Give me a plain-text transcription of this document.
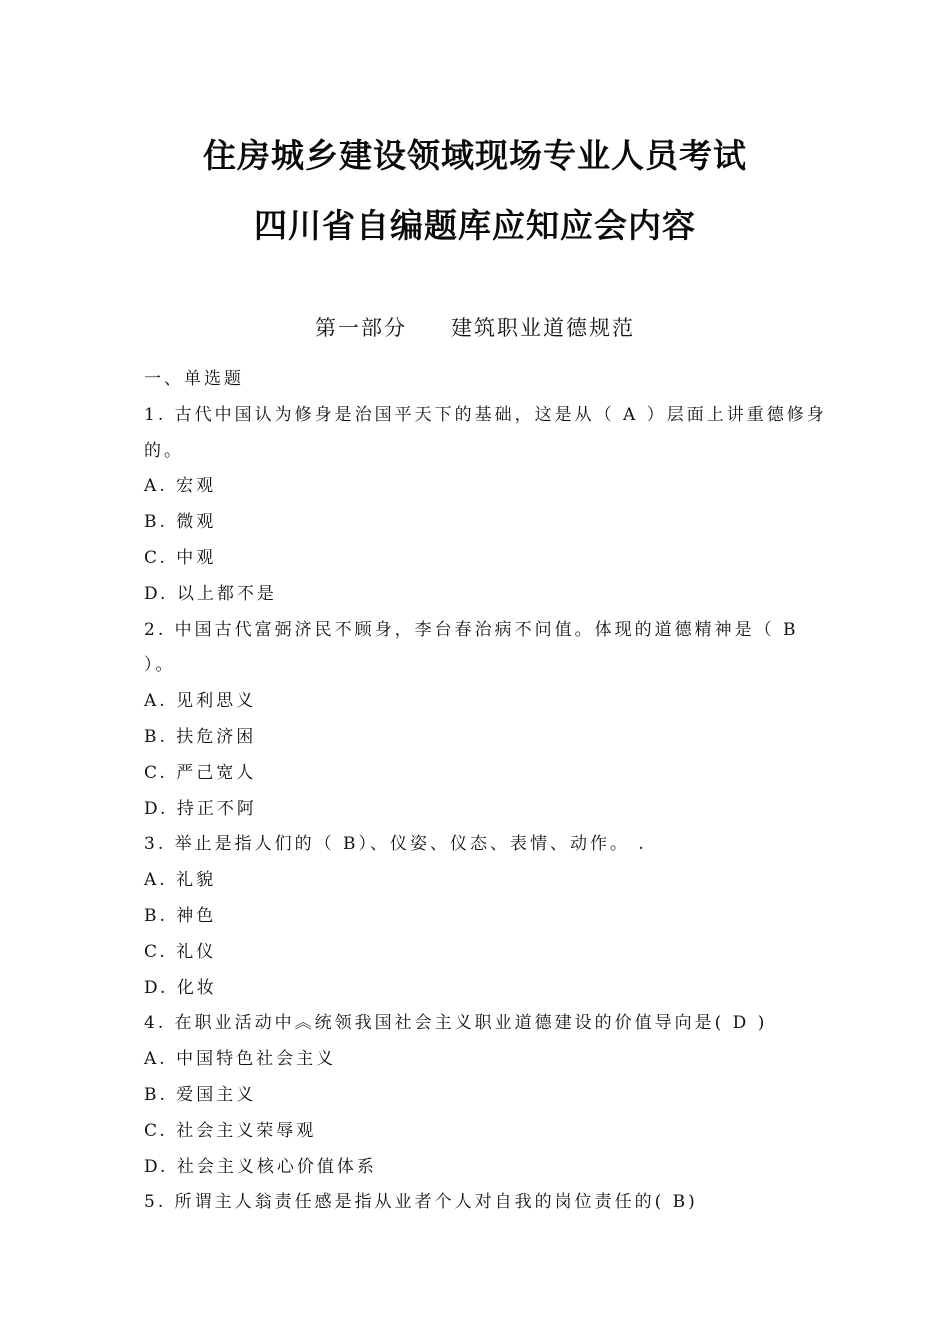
住房城乡建设领域现场专业人员考试
四川省自编题库应知应会内容
第一部分 建筑职业道德规范
一、单选题
1. 古代中国认为修身是治国平天下的基础，这是从（ A ）层面上讲重德修身
的。
A. 宏观
B. 微观
C. 中观
D. 以上都不是
2. 中国古代富弼济民不顾身，李台春治病不问值。体现的道德精神是（ B
）。
A. 见利思义
B. 扶危济困
C. 严己宽人
D. 持正不阿
3. 举止是指人们的（ B）、仪姿、仪态、表情、动作。 .
A. 礼貌
B. 神色
C. 礼仪
D. 化妆
4. 在职业活动中︽统领我国社会主义职业道德建设的价值导向是( D )
A. 中国特色社会主义
B. 爱国主义
C. 社会主义荣辱观
D. 社会主义核心价值体系
5. 所谓主人翁责任感是指从业者个人对自我的岗位责任的( B)
